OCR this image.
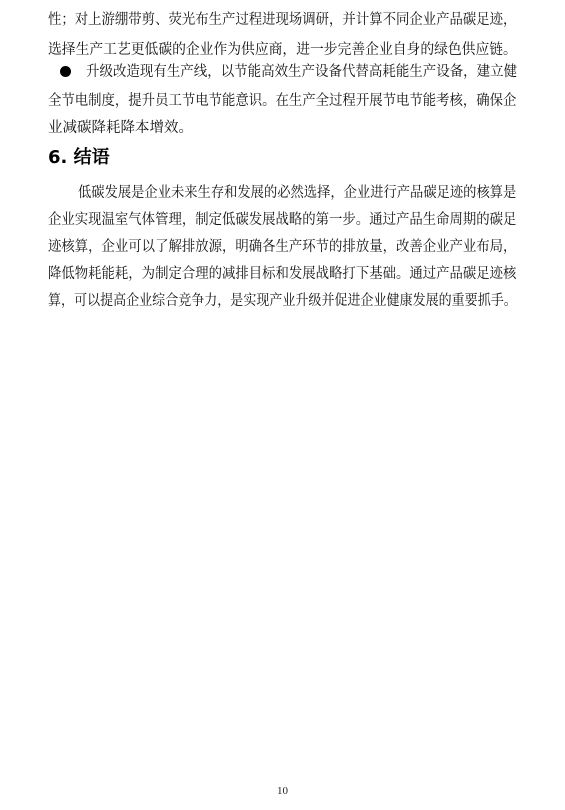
性；对上游绷带剪、荧光布生产过程进现场调研，并计算不同企业产品碳足迹，
选择生产工艺更低碳的企业作为供应商，进一步完善企业自身的绿色供应链。
升级改造现有生产线，以节能高效生产设备代替高耗能生产设备，建立健
全节电制度，提升员工节电节能意识。在生产全过程开展节电节能考核，确保企
业减碳降耗降本增效。
6. 结语
低碳发展是企业未来生存和发展的必然选择，企业进行产品碳足迹的核算是
企业实现温室气体管理，制定低碳发展战略的第一步。通过产品生命周期的碳足
迹核算，企业可以了解排放源，明确各生产环节的排放量，改善企业产业布局，
降低物耗能耗，为制定合理的减排目标和发展战略打下基础。通过产品碳足迹核
算，可以提高企业综合竞争力，是实现产业升级并促进企业健康发展的重要抓手。
10
